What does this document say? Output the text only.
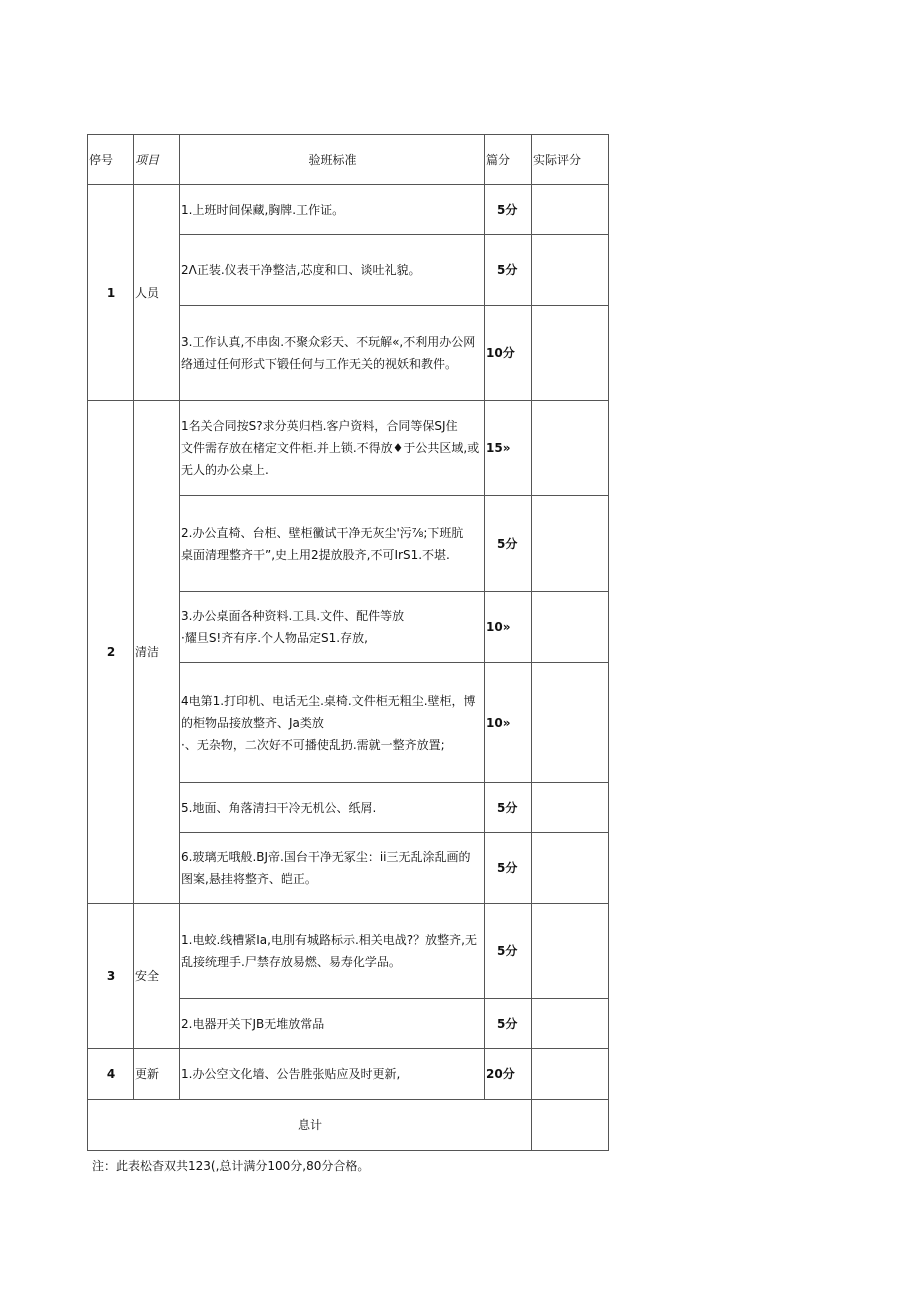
停号	项目	验班标准	篇分	实际评分
1	人员	1.上班时间保藏,胸牌.工作证。	5分	

		2Λ正装.仪表干净整洁,芯度和口、谈吐礼貌。	5分	

		3.工作认真,不串囱.不聚众彩天、不玩解«,不利用办公网
络通过任何形式下锻任何与工作无关的视妖和教件。	10分	
2	清洁	1名关合同按S?求分英归档.客户资料，合同等保SJ住
文件需存放在楮定文件柜.并上锁.不得放♦于公共区域,或
无人的办公桌上.	15»	

		2.办公直椅、台柜、壁柜黴试干净无灰尘'污⅞;下班肮
桌面清理整齐干”,史上用2提放股齐,不可IrS1.不堪.	5分	

		3.办公桌面各种资料.工具.文件、配件等放
·耀旦S!齐有序.个人物品定S1.存放,	10»	

		4电第1.打印机、电话无尘.桌椅.文件柜无粗尘.壁柜，博
的柜物品接放整齐、Ja类放
·、无杂物，二次好不可播使乱扔.需就一整齐放置;	10»	

		5.地面、角落清扫干冷无机公、纸屑.	5分	

		6.玻璃无哦般.BJ帝.国台干净无冢尘：ii三无乱涂乱画的
图案,悬挂将整齐、皑正。	5分	
3	安全	1.电蛟.线槽紧Ia,电刖有城路标示.相关电战?？放整齐,无
乱接统理手.尸禁存放易燃、易寿化学品。	5分	

		2.电器开关下JB无堆放常品	5分	
4	更新	1.办公空文化墙、公告胜张贴应及时更新,	20分	
息计				
注：此表松杳双共123(,总计满分100分,80分合格。
